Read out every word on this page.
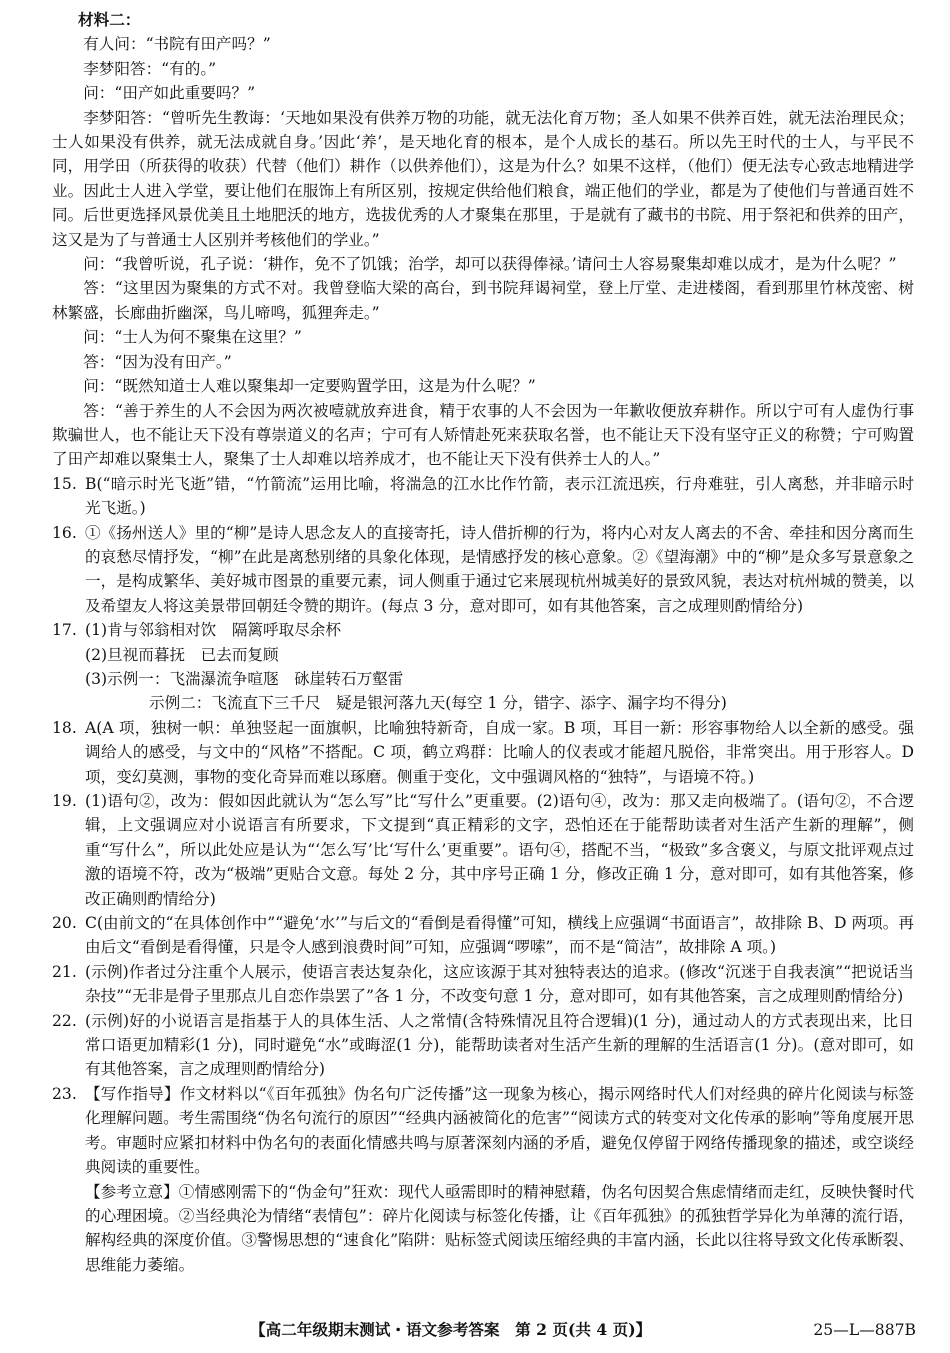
材料二：

有人问：“书院有田产吗？”

李梦阳答：“有的。”

问：“田产如此重要吗？”

李梦阳答：“曾听先生教诲：‘天地如果没有供养万物的功能，就无法化育万物；圣人如果不供养百姓，就无法治理民众；士人如果没有供养，就无法成就自身。’因此‘养’，是天地化育的根本，是个人成长的基石。所以先王时代的士人，与平民不同，用学田（所获得的收获）代替（他们）耕作（以供养他们），这是为什么？如果不这样，（他们）便无法专心致志地精进学业。因此士人进入学堂，要让他们在服饰上有所区别，按规定供给他们粮食，端正他们的学业，都是为了使他们与普通百姓不同。后世更选择风景优美且土地肥沃的地方，选拔优秀的人才聚集在那里，于是就有了藏书的书院、用于祭祀和供养的田产，这又是为了与普通士人区别并考核他们的学业。”

问：“我曾听说，孔子说：‘耕作，免不了饥饿；治学，却可以获得俸禄。’请问士人容易聚集却难以成才，是为什么呢？”

答：“这里因为聚集的方式不对。我曾登临大梁的高台，到书院拜谒祠堂，登上厅堂、走进楼阁，看到那里竹林茂密、树林繁盛，长廊曲折幽深，鸟儿啼鸣，狐狸奔走。”

问：“士人为何不聚集在这里？”

答：“因为没有田产。”

问：“既然知道士人难以聚集却一定要购置学田，这是为什么呢？”

答：“善于养生的人不会因为两次被噎就放弃进食，精于农事的人不会因为一年歉收便放弃耕作。所以宁可有人虚伪行事欺骗世人，也不能让天下没有尊崇道义的名声；宁可有人矫情赴死来获取名誉，也不能让天下没有坚守正义的称赞；宁可购置了田产却难以聚集士人，聚集了士人却难以培养成才，也不能让天下没有供养士人的人。”

15. B(“暗示时光飞逝”错，“竹箭流”运用比喻，将湍急的江水比作竹箭，表示江流迅疾，行舟难驻，引人离愁，并非暗示时光飞逝。)
16. ①《扬州送人》里的“柳”是诗人思念友人的直接寄托，诗人借折柳的行为，将内心对友人离去的不舍、牵挂和因分离而生的哀愁尽情抒发，“柳”在此是离愁别绪的具象化体现，是情感抒发的核心意象。②《望海潮》中的“柳”是众多写景意象之一，是构成繁华、美好城市图景的重要元素，词人侧重于通过它来展现杭州城美好的景致风貌，表达对杭州城的赞美，以及希望友人将这美景带回朝廷令赞的期许。(每点 3 分，意对即可，如有其他答案，言之成理则酌情给分)
17. (1)肯与邻翁相对饮　隔篱呼取尽余杯

(2)旦视而暮抚　已去而复顾

(3)示例一：飞湍瀑流争喧豗　砯崖转石万壑雷

示例二：飞流直下三千尺　疑是银河落九天(每空 1 分，错字、添字、漏字均不得分)

18. A(A 项，独树一帜：单独竖起一面旗帜，比喻独特新奇，自成一家。B 项，耳目一新：形容事物给人以全新的感受。强调给人的感受，与文中的“风格”不搭配。C 项，鹤立鸡群：比喻人的仪表或才能超凡脱俗，非常突出。用于形容人。D 项，变幻莫测，事物的变化奇异而难以琢磨。侧重于变化，文中强调风格的“独特”，与语境不符。)
19. (1)语句②，改为：假如因此就认为“怎么写”比“写什么”更重要。(2)语句④，改为：那又走向极端了。(语句②，不合逻辑，上文强调应对小说语言有所要求，下文提到“真正精彩的文字，恐怕还在于能帮助读者对生活产生新的理解”，侧重“写什么”，所以此处应是认为“‘怎么写’比‘写什么’更重要”。语句④，搭配不当，“极致”多含褒义，与原文批评观点过激的语境不符，改为“极端”更贴合文意。每处 2 分，其中序号正确 1 分，修改正确 1 分，意对即可，如有其他答案，修改正确则酌情给分)
20. C(由前文的“在具体创作中”“避免‘水’”与后文的“看倒是看得懂”可知，横线上应强调“书面语言”，故排除 B、D 两项。再由后文“看倒是看得懂，只是令人感到浪费时间”可知，应强调“啰嗦”，而不是“简洁”，故排除 A 项。)
21. (示例)作者过分注重个人展示，使语言表达复杂化，这应该源于其对独特表达的追求。(修改“沉迷于自我表演”“把说话当杂技”“无非是骨子里那点儿自恋作祟罢了”各 1 分，不改变句意 1 分，意对即可，如有其他答案，言之成理则酌情给分)
22. (示例)好的小说语言是指基于人的具体生活、人之常情(含特殊情况且符合逻辑)(1 分)，通过动人的方式表现出来，比日常口语更加精彩(1 分)，同时避免“水”或晦涩(1 分)，能帮助读者对生活产生新的理解的生活语言(1 分)。(意对即可，如有其他答案，言之成理则酌情给分)
23. 【写作指导】作文材料以“《百年孤独》伪名句广泛传播”这一现象为核心，揭示网络时代人们对经典的碎片化阅读与标签化理解问题。考生需围绕“伪名句流行的原因”“经典内涵被简化的危害”“阅读方式的转变对文化传承的影响”等角度展开思考。审题时应紧扣材料中伪名句的表面化情感共鸣与原著深刻内涵的矛盾，避免仅停留于网络传播现象的描述，或空谈经典阅读的重要性。

【参考立意】①情感刚需下的“伪金句”狂欢：现代人亟需即时的精神慰藉，伪名句因契合焦虑情绪而走红，反映快餐时代的心理困境。②当经典沦为情绪“表情包”：碎片化阅读与标签化传播，让《百年孤独》的孤独哲学异化为单薄的流行语，解构经典的深度价值。③警惕思想的“速食化”陷阱：贴标签式阅读压缩经典的丰富内涵，长此以往将导致文化传承断裂、思维能力萎缩。

【高二年级期末测试・语文参考答案　第 2 页(共 4 页)】	25—L—887B
